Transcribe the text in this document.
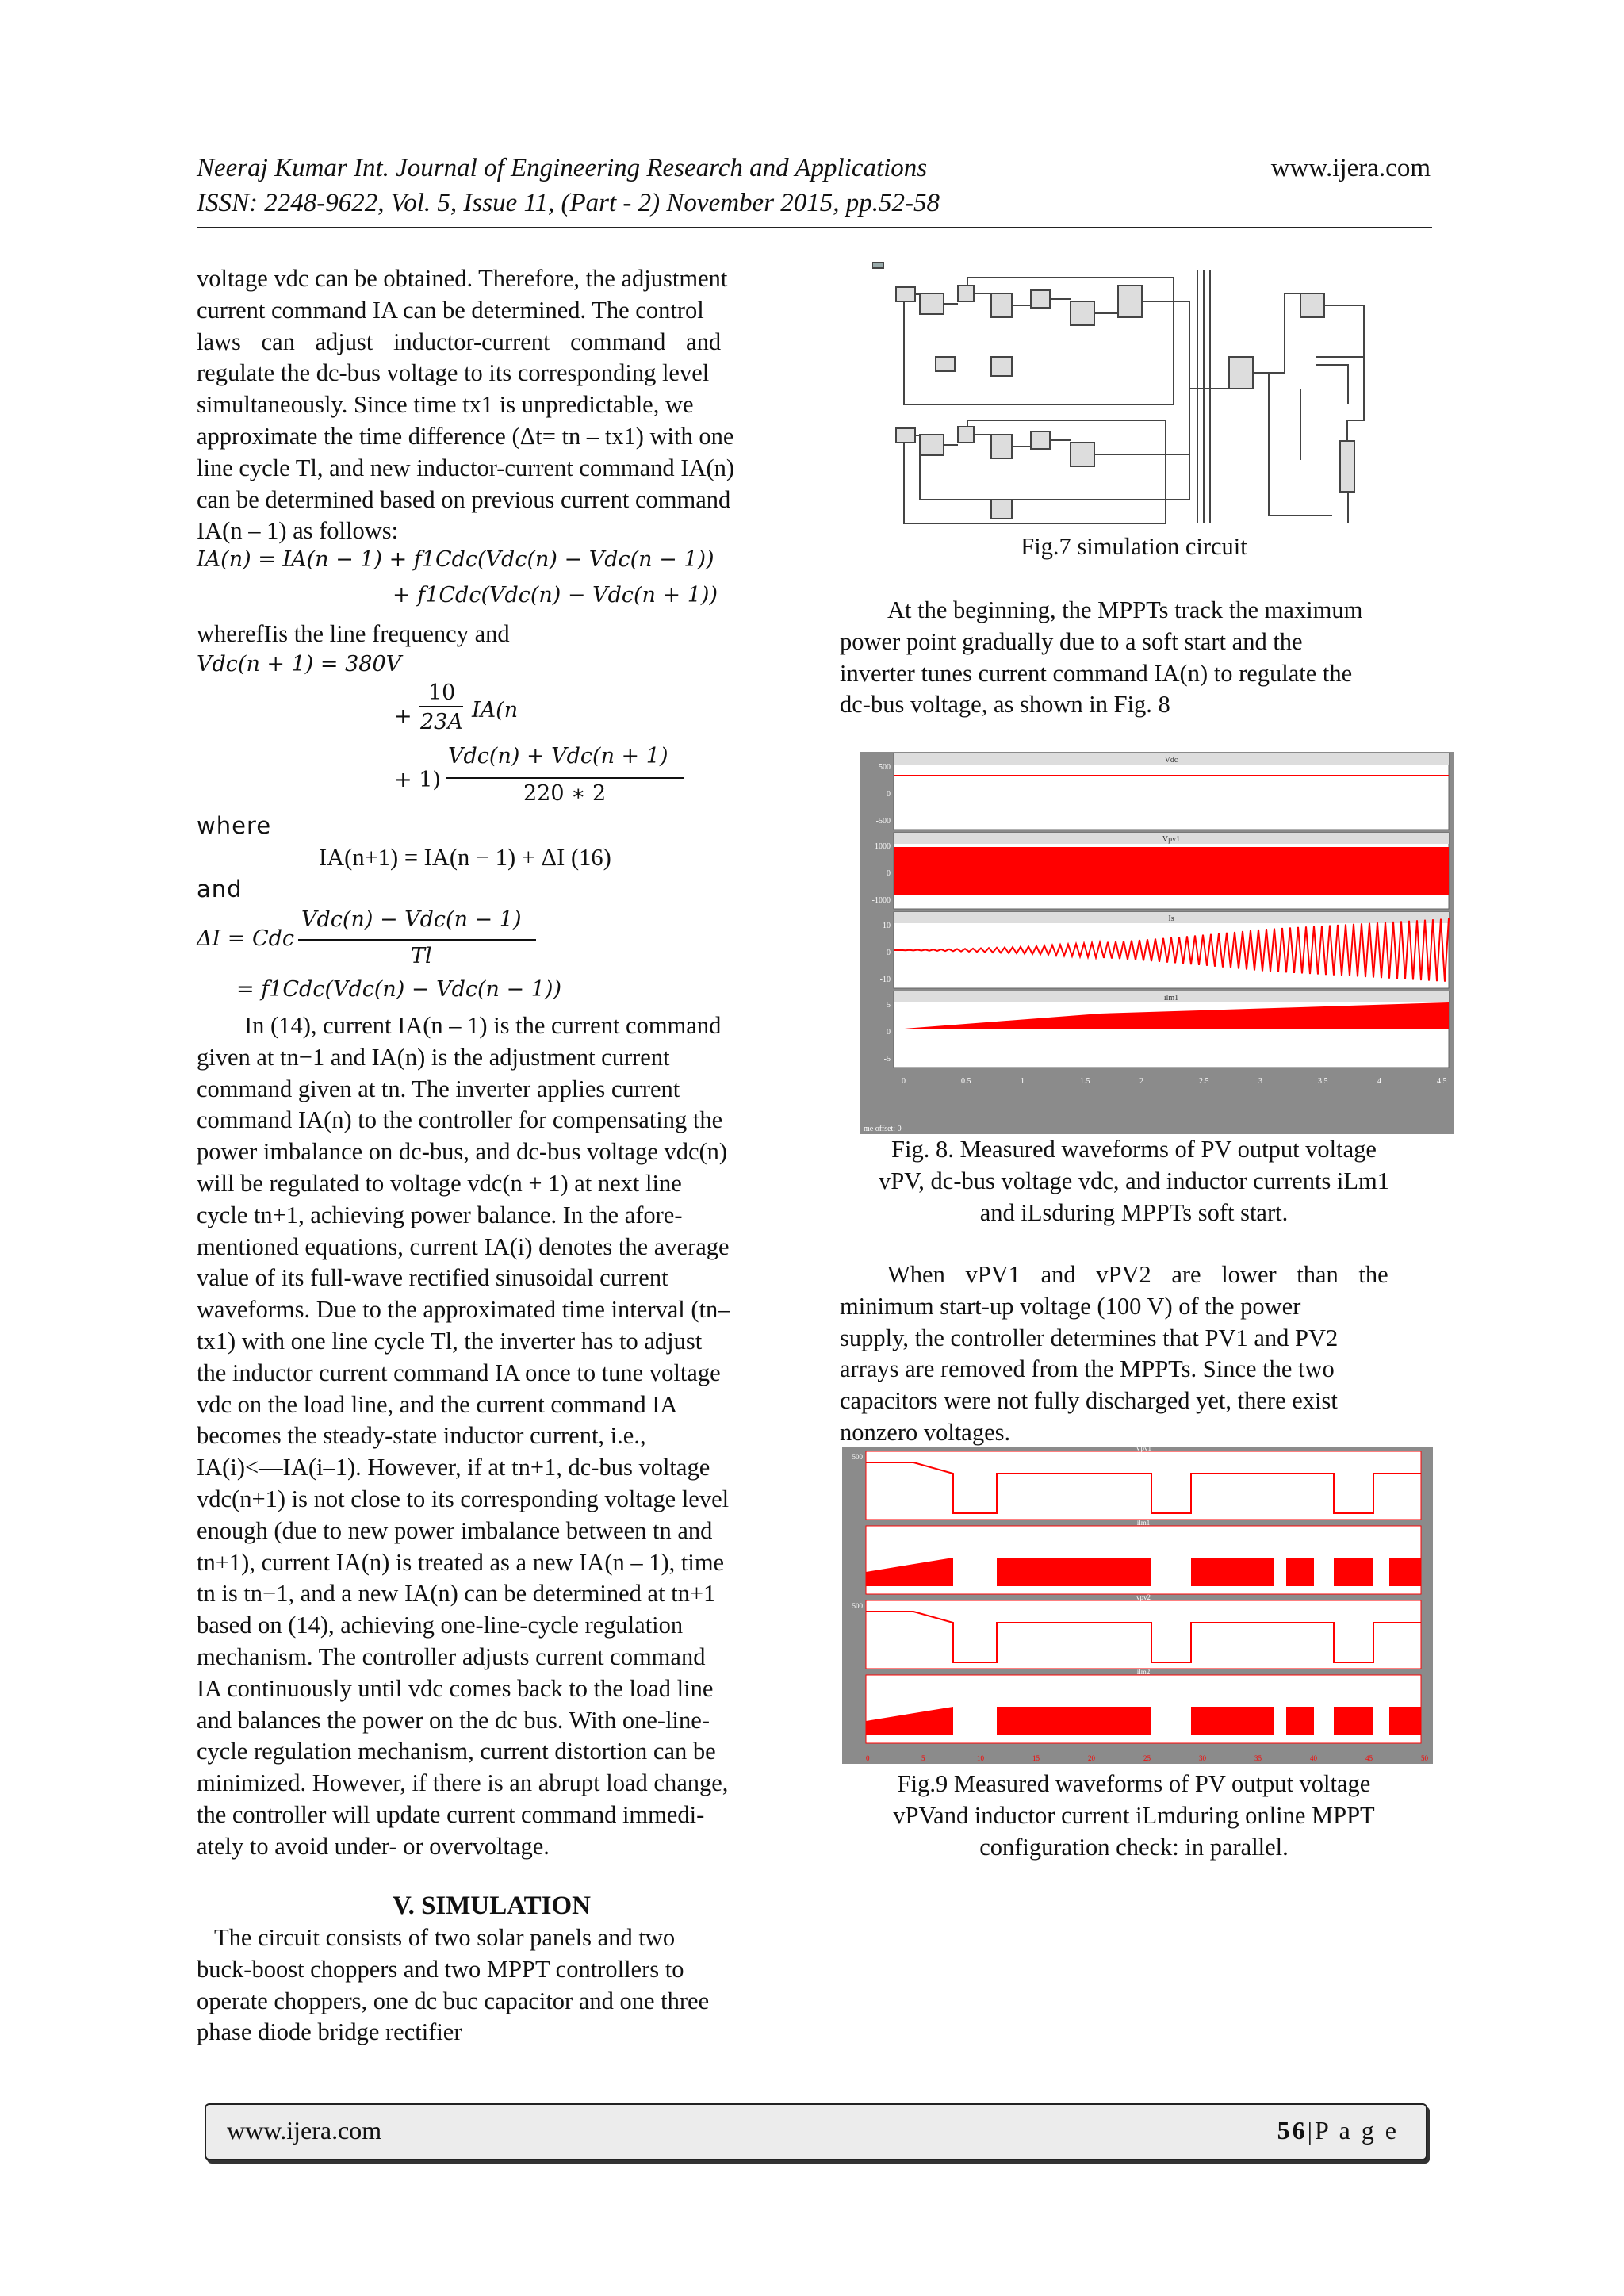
Neeraj Kumar Int. Journal of Engineering Research and Applications	www.ijera.com
ISSN: 2248-9622, Vol. 5, Issue 11, (Part - 2) November 2015, pp.52-58
voltage vdc can be obtained. Therefore, the adjustment
current command IA can be determined. The control
laws can adjust inductor-current command and
regulate the dc-bus voltage to its corresponding level
simultaneously. Since time tx1 is unpredictable, we
approximate the time difference (Δt= tn – tx1) with one
line cycle Tl, and new inductor-current command IA(n)
can be determined based on previous current command
IA(n – 1) as follows:
IA(n) = IA(n − 1) + f1Cdc(Vdc(n) − Vdc(n − 1))
+ f1Cdc(Vdc(n) − Vdc(n + 1))
wherefIis the line frequency and
Vdc(n + 1) = 380V
10
+ 23A IA(n
Vdc(n) + Vdc(n + 1)
+ 1)
220 ∗ 2
where
IA(n+1) = IA(n − 1) + ΔI (16)
and
Vdc(n) − Vdc(n − 1)
ΔI = Cdc
Tl
= f1Cdc(Vdc(n) − Vdc(n − 1))
In (14), current IA(n – 1) is the current command
given at tn−1 and IA(n) is the adjustment current
command given at tn. The inverter applies current
command IA(n) to the controller for compensating the
power imbalance on dc-bus, and dc-bus voltage vdc(n)
will be regulated to voltage vdc(n + 1) at next line
cycle tn+1, achieving power balance. In the afore-
mentioned equations, current IA(i) denotes the average
value of its full-wave rectified sinusoidal current
waveforms. Due to the approximated time interval (tn–
tx1) with one line cycle Tl, the inverter has to adjust
the inductor current command IA once to tune voltage
vdc on the load line, and the current command IA
becomes the steady-state inductor current, i.e.,
IA(i)<—IA(i–1). However, if at tn+1, dc-bus voltage
vdc(n+1) is not close to its corresponding voltage level
enough (due to new power imbalance between tn and
tn+1), current IA(n) is treated as a new IA(n – 1), time
tn is tn−1, and a new IA(n) can be determined at tn+1
based on (14), achieving one-line-cycle regulation
mechanism. The controller adjusts current command
IA continuously until vdc comes back to the load line
and balances the power on the dc bus. With one-line-
cycle regulation mechanism, current distortion can be
minimized. However, if there is an abrupt load change,
the controller will update current command immedi-
ately to avoid under- or overvoltage.
V. SIMULATION
The circuit consists of two solar panels and two
buck-boost choppers and two MPPT controllers to
operate choppers, one dc buc capacitor and one three
phase diode bridge rectifier
Fig.7 simulation circuit
At the beginning, the MPPTs track the maximum
power point gradually due to a soft start and the
inverter tunes current command IA(n) to regulate the
dc-bus voltage, as shown in Fig. 8
Vdc
500
0
-500
Vpv1
1000
0
-1000
Is
10
0
-10
ilm1
5
0
-5
0	0.5	1	1.5	2	2.5	3	3.5	4	4.5
me offset: 0
Fig. 8. Measured waveforms of PV output voltage
vPV, dc-bus voltage vdc, and inductor currents iLm1
and iLsduring MPPTs soft start.
When vPV1 and vPV2 are lower than the
minimum start-up voltage (100 V) of the power
supply, the controller determines that PV1 and PV2
arrays are removed from the MPPTs. Since the two
capacitors were not fully discharged yet, there exist
nonzero voltages.
Vpv1
500
ilm1
vpv2
500
ilm2
0	5	10	15	20	25	30	35	40	45	50
Fig.9 Measured waveforms of PV output voltage
vPVand inductor current iLmduring online MPPT
configuration check: in parallel.
www.ijera.com	56|P a g e
